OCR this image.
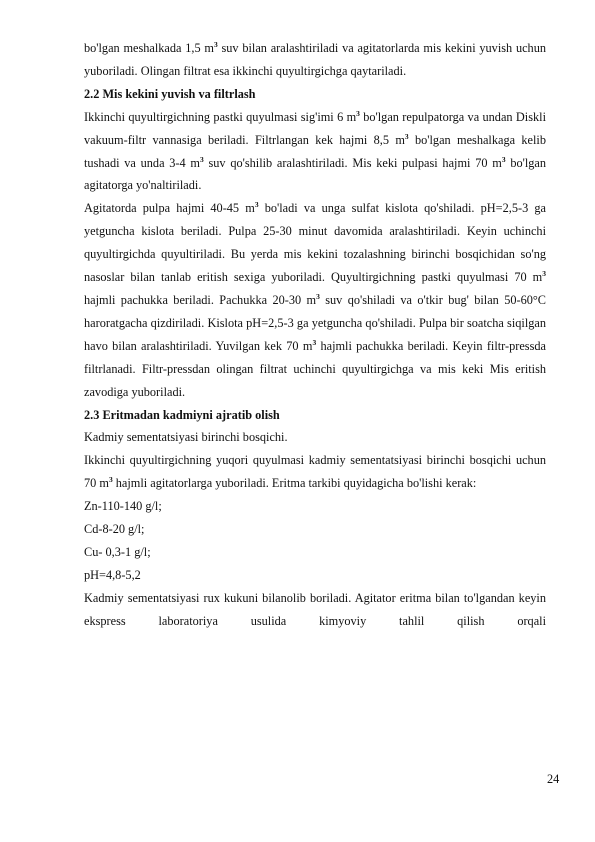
bo'lgan meshalkada 1,5 $m^3$ suv bilan aralashtiriladi va agitatorlarda mis kekini yuvish uchun yuboriladi. Olingan filtrat esa ikkinchi quyultirgichga qaytariladi.

2.2 Mis kekini yuvish va filtrlash

Ikkinchi quyultirgichning pastki quyulmasi sig'imi 6 $m^3$ bo'lgan repulpatorga va undan Diskli vakuum-filtr vannasiga beriladi. Filtrlangan kek hajmi 8,5 $m^3$ bo'lgan meshalkaga kelib tushadi va unda 3-4 $m^3$ suv qo'shilib aralashtiriladi. Mis keki pulpasi hajmi 70 $m^3$ bo'lgan agitatorga yo'naltiriladi.

Agitatorda pulpa hajmi 40-45 $m^3$ bo'ladi va unga sulfat kislota qo'shiladi. pH=2,5-3 ga yetguncha kislota beriladi. Pulpa 25-30 minut davomida aralashtiriladi. Keyin uchinchi quyultirgichda quyultiriladi. Bu yerda mis kekini tozalashning birinchi bosqichidan so'ng nasoslar bilan tanlab eritish sexiga yuboriladi. Quyultirgichning pastki quyulmasi 70 $m^3$ hajmli pachukka beriladi. Pachukka 20-30 $m^3$ suv qo'shiladi va o'tkir bug' bilan 50-60°C haroratgacha qizdiriladi. Kislota pH=2,5-3 ga yetguncha qo'shiladi. Pulpa bir soatcha siqilgan havo bilan aralashtiriladi. Yuvilgan kek 70 $m^3$ hajmli pachukka beriladi. Keyin filtr-pressda filtrlanadi. Filtr-pressdan olingan filtrat uchinchi quyultirgichga va mis keki Mis eritish zavodiga yuboriladi.

2.3 Eritmadan kadmiyni ajratib olish

Kadmiy sementatsiyasi birinchi bosqichi.

Ikkinchi quyultirgichning yuqori quyulmasi kadmiy sementatsiyasi birinchi bosqichi uchun 70 $m^3$ hajmli agitatorlarga yuboriladi. Eritma tarkibi quyidagicha bo'lishi kerak:

Zn-110-140 g/l;

Cd-8-20 g/l;

Cu- 0,3-1 g/l;

pH=4,8-5,2

Kadmiy sementatsiyasi rux kukuni bilanolib boriladi. Agitator eritma bilan to'lgandan keyin ekspress laboratoriya usulida kimyoviy tahlil qilish orqali

24
